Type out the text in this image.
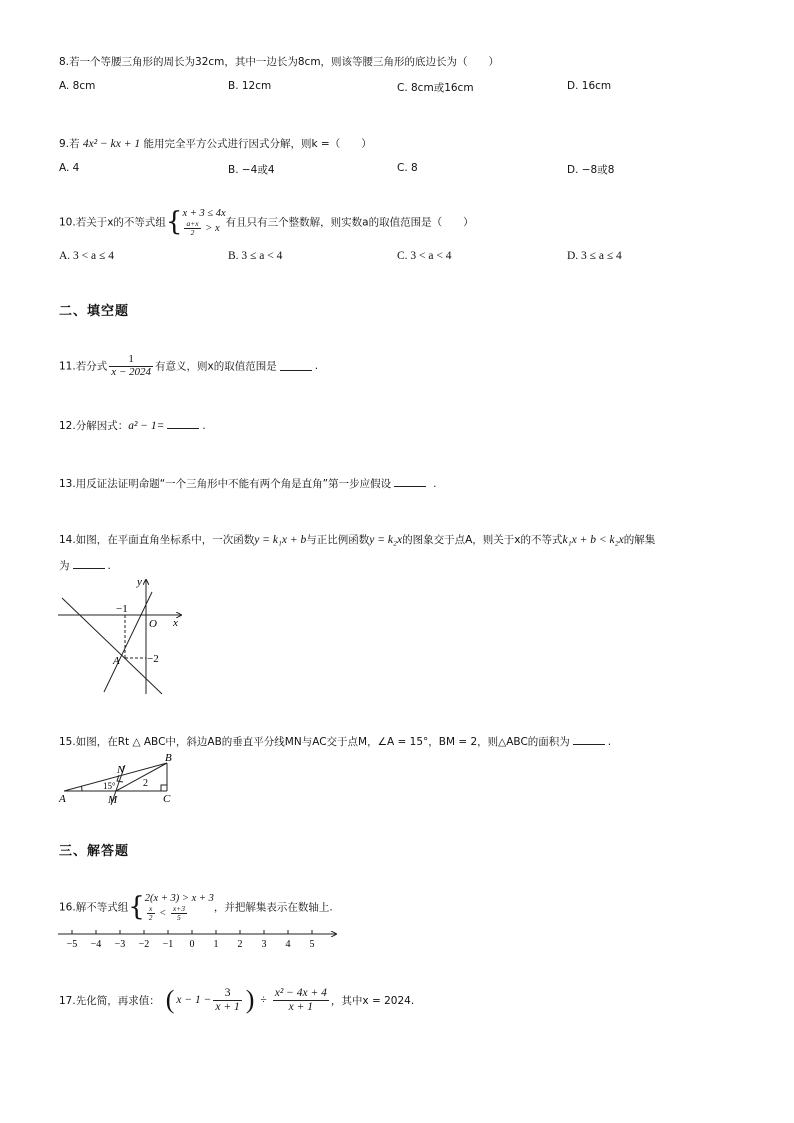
8.若一个等腰三角形的周长为32cm，其中一边长为8cm，则该等腰三角形的底边长为（　　）
A. 8cm	B. 12cm	C. 8cm或16cm	D. 16cm
9.若 4x² − kx + 1 能用完全平方公式进行因式分解，则k =（　　）
A. 4	B. −4或4	C. 8	D. −8或8
10.若关于x的不等式组{ x + 3 ≤ 4x
$\frac{a+x}{2} > x$ 有且只有三个整数解，则实数a的取值范围是（　　）
A. 3 < a ≤ 4	B. 3 ≤ a < 4	C. 3 < a < 4	D. 3 ≤ a ≤ 4
二、填空题
11.若分式 $\frac{1}{x - 2024}$ 有意义，则x的取值范围是	.
12.分解因式：a² − 1=	.
13.用反证法证明命题“一个三角形中不能有两个角是直角”第一步应假设	.
14.如图，在平面直角坐标系中，一次函数y = k₁x + b与正比例函数y = k₂x的图象交于点A，则关于x的不等式k₁x + b < k₂x的解集
为	.
y
x
O
−1
−2
A
15.如图，在Rt △ ABC中，斜边AB的垂直平分线MN与AC交于点M，∠A = 15°，BM = 2，则△ABC的面积为	.
A
B
C
M
N
15°	2
三、解答题
16.解不等式组{ 2(x + 3) > x + 3
$\frac{x}{2} < \frac{x+3}{5}$	，并把解集表示在数轴上.
−5 −4 −3 −2 −1 0 1 2 3 4 5
17.先化简，再求值： ( $x - 1 - \frac{3}{x + 1}$ ) ÷ $\frac{\text{x² − 4x + 4}}{x + 1}$ ，其中x = 2024.
